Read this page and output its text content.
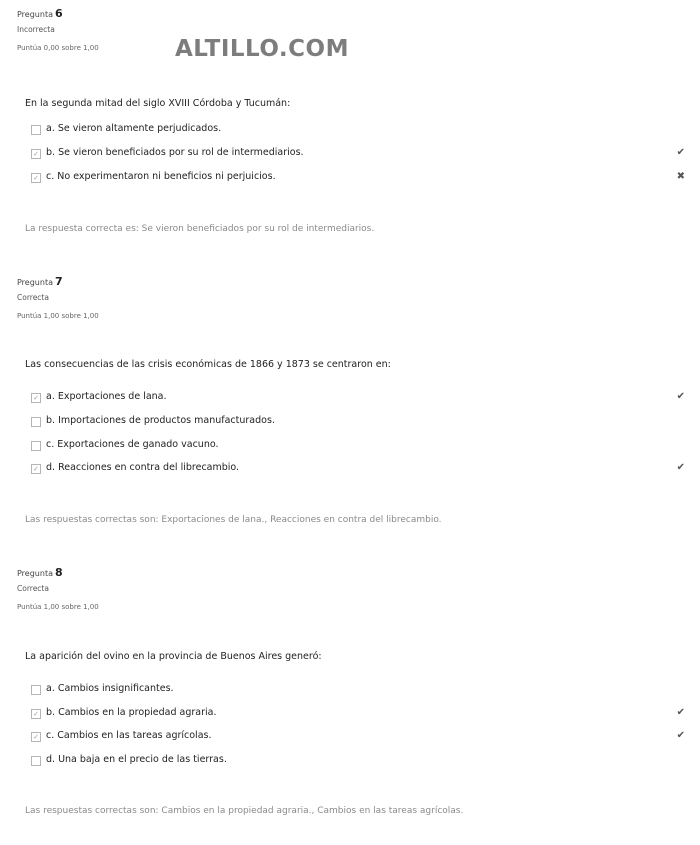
ALTILLO.COM
Pregunta 6
Incorrecta
Puntúa 0,00 sobre 1,00
En la segunda mitad del siglo XVIII Córdoba y Tucumán:
a. Se vieron altamente perjudicados.
✓ b. Se vieron beneficiados por su rol de intermediarios.	✔
✓ c. No experimentaron ni beneficios ni perjuicios.	✖
La respuesta correcta es: Se vieron beneficiados por su rol de intermediarios.
Pregunta 7
Correcta
Puntúa 1,00 sobre 1,00
Las consecuencias de las crisis económicas de 1866 y 1873 se centraron en:
✓ a. Exportaciones de lana.	✔
b. Importaciones de productos manufacturados.
c. Exportaciones de ganado vacuno.
✓ d. Reacciones en contra del librecambio.	✔
Las respuestas correctas son: Exportaciones de lana., Reacciones en contra del librecambio.
Pregunta 8
Correcta
Puntúa 1,00 sobre 1,00
La aparición del ovino en la provincia de Buenos Aires generó:
a. Cambios insignificantes.
✓ b. Cambios en la propiedad agraria.	✔
✓ c. Cambios en las tareas agrícolas.	✔
d. Una baja en el precio de las tierras.
Las respuestas correctas son: Cambios en la propiedad agraria., Cambios en las tareas agrícolas.
